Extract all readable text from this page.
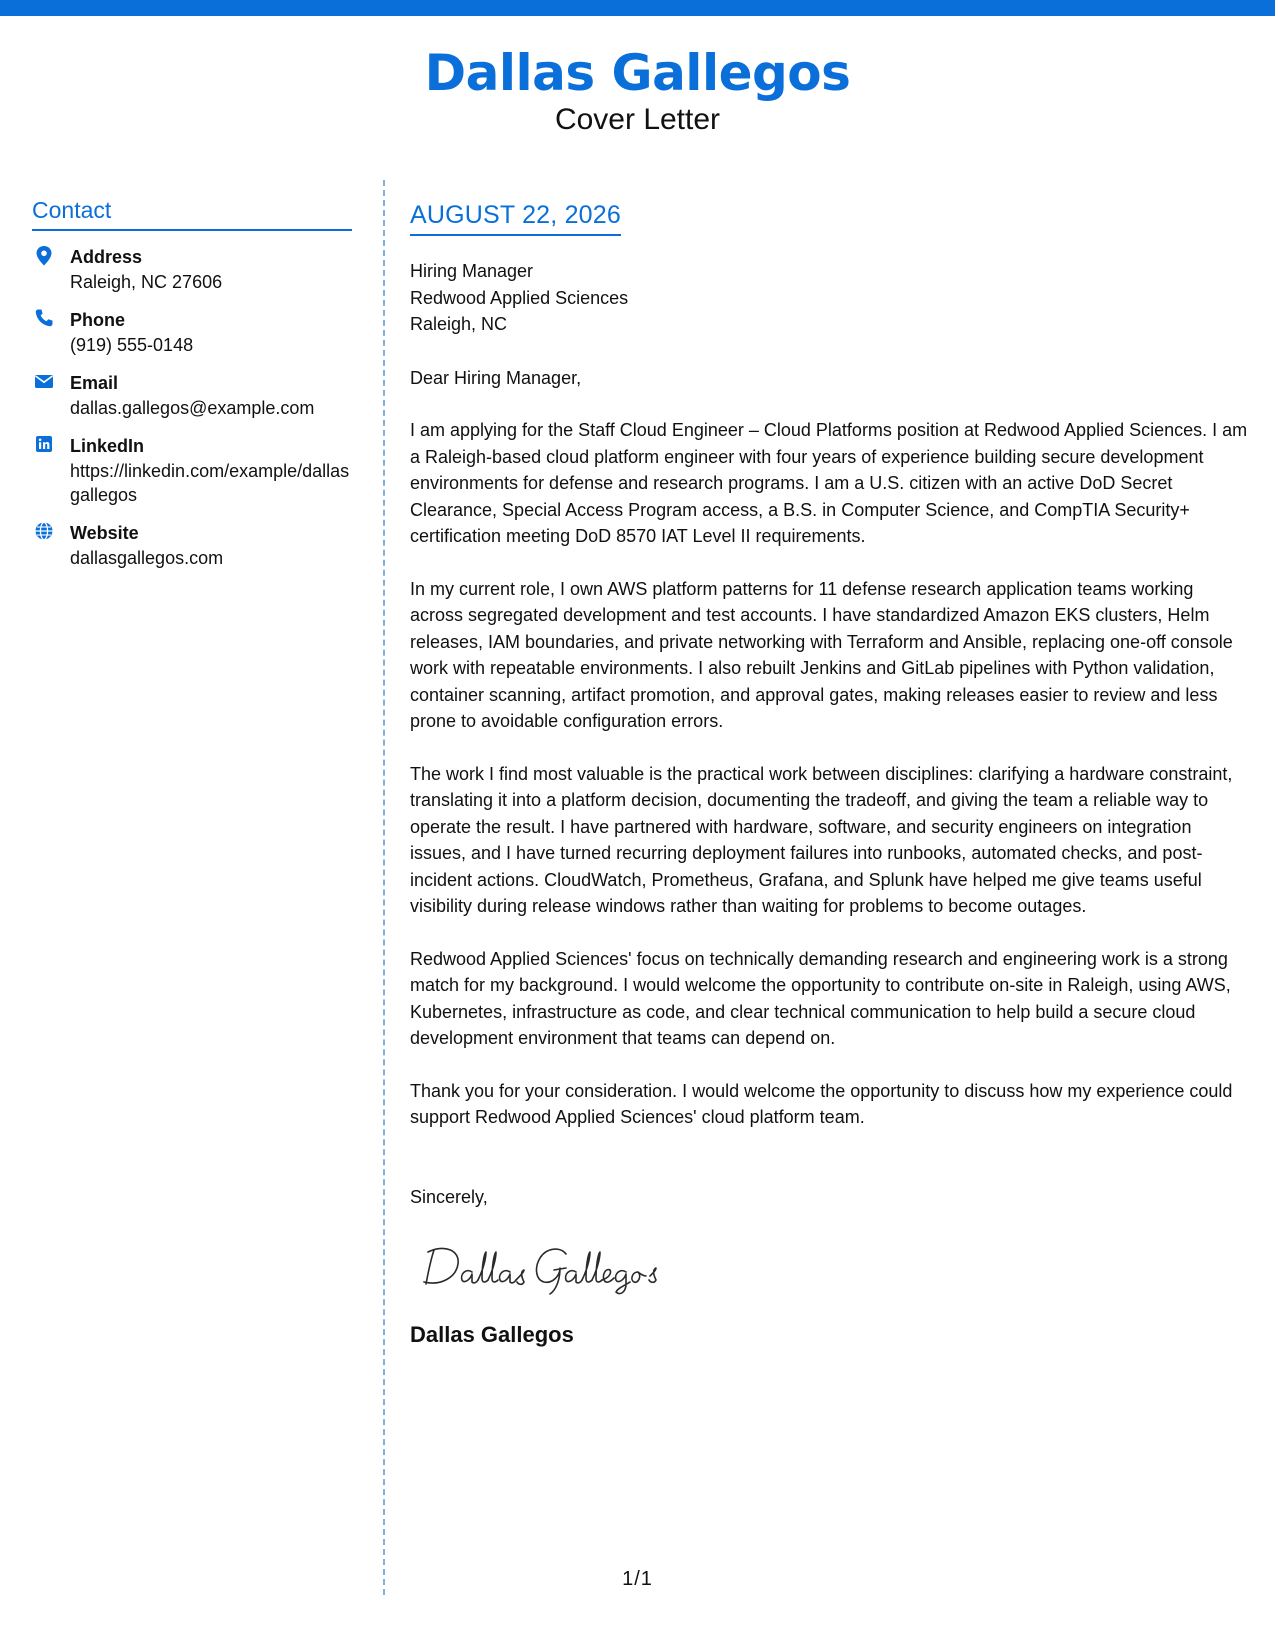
Dallas Gallegos
Cover Letter
Contact
Address
Raleigh, NC 27606
Phone
(919) 555-0148
Email
dallas.gallegos@example.com
LinkedIn
https://linkedin.com/example/dallasgallegos
Website
dallasgallegos.com
AUGUST 22, 2026
Hiring Manager
Redwood Applied Sciences
Raleigh, NC
Dear Hiring Manager,
I am applying for the Staff Cloud Engineer – Cloud Platforms position at Redwood Applied Sciences. I am a Raleigh-based cloud platform engineer with four years of experience building secure development environments for defense and research programs. I am a U.S. citizen with an active DoD Secret Clearance, Special Access Program access, a B.S. in Computer Science, and CompTIA Security+ certification meeting DoD 8570 IAT Level II requirements.
In my current role, I own AWS platform patterns for 11 defense research application teams working across segregated development and test accounts. I have standardized Amazon EKS clusters, Helm releases, IAM boundaries, and private networking with Terraform and Ansible, replacing one-off console work with repeatable environments. I also rebuilt Jenkins and GitLab pipelines with Python validation, container scanning, artifact promotion, and approval gates, making releases easier to review and less prone to avoidable configuration errors.
The work I find most valuable is the practical work between disciplines: clarifying a hardware constraint, translating it into a platform decision, documenting the tradeoff, and giving the team a reliable way to operate the result. I have partnered with hardware, software, and security engineers on integration issues, and I have turned recurring deployment failures into runbooks, automated checks, and post-incident actions. CloudWatch, Prometheus, Grafana, and Splunk have helped me give teams useful visibility during release windows rather than waiting for problems to become outages.
Redwood Applied Sciences' focus on technically demanding research and engineering work is a strong match for my background. I would welcome the opportunity to contribute on-site in Raleigh, using AWS, Kubernetes, infrastructure as code, and clear technical communication to help build a secure cloud development environment that teams can depend on.
Thank you for your consideration. I would welcome the opportunity to discuss how my experience could support Redwood Applied Sciences' cloud platform team.
Sincerely,
Dallas Gallegos
1/1
